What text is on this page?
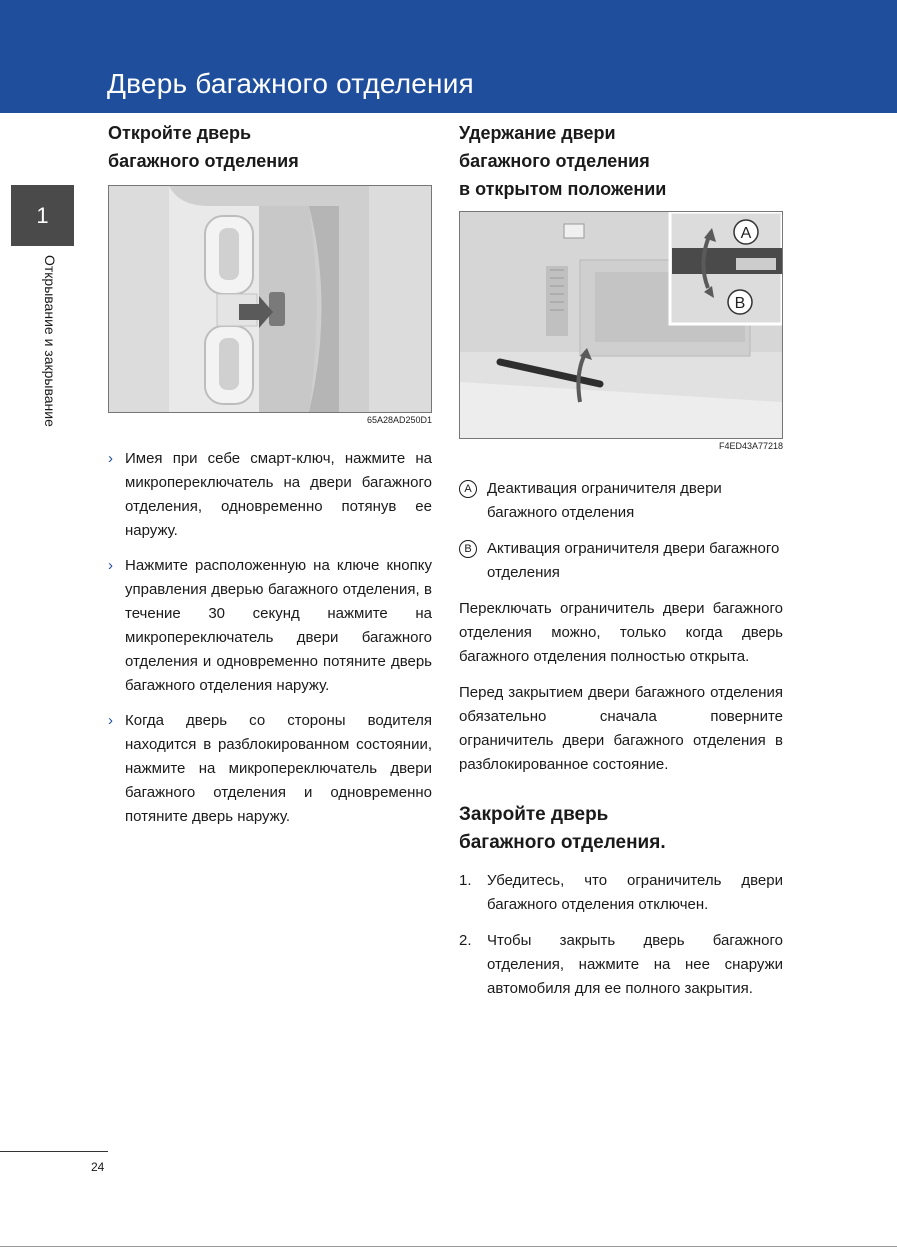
Дверь багажного отделения
1
Открывание и закрывание
Откройте дверь
багажного отделения
65A28AD250D1
› Имея при себе смарт-ключ, нажмите на микропереключатель на двери багажного отделения, одновременно потянув ее наружу.
› Нажмите расположенную на ключе кнопку управления дверью багажного отделения, в течение 30 секунд нажмите на микропереключатель двери багажного отделения и одновременно потяните дверь багажного отделения наружу.
› Когда дверь со стороны водителя находится в разблокированном состоянии, нажмите на микропереключатель двери багажного отделения и одновременно потяните дверь наружу.
Удержание двери
багажного отделения
в открытом положении
A
B
F4ED43A77218
A	Деактивация ограничителя двери багажного отделения
B	Активация ограничителя двери багажного отделения

Переключать ограничитель двери багажного отделения можно, только когда дверь багажного отделения полностью открыта.

Перед закрытием двери багажного отделения обязательно сначала поверните ограничитель двери багажного отделения в разблокированное состояние.

Закройте дверь
багажного отделения.
1. Убедитесь, что ограничитель двери багажного отделения отключен.
2. Чтобы закрыть дверь багажного отделения, нажмите на нее снаружи автомобиля для ее полного закрытия.
24
